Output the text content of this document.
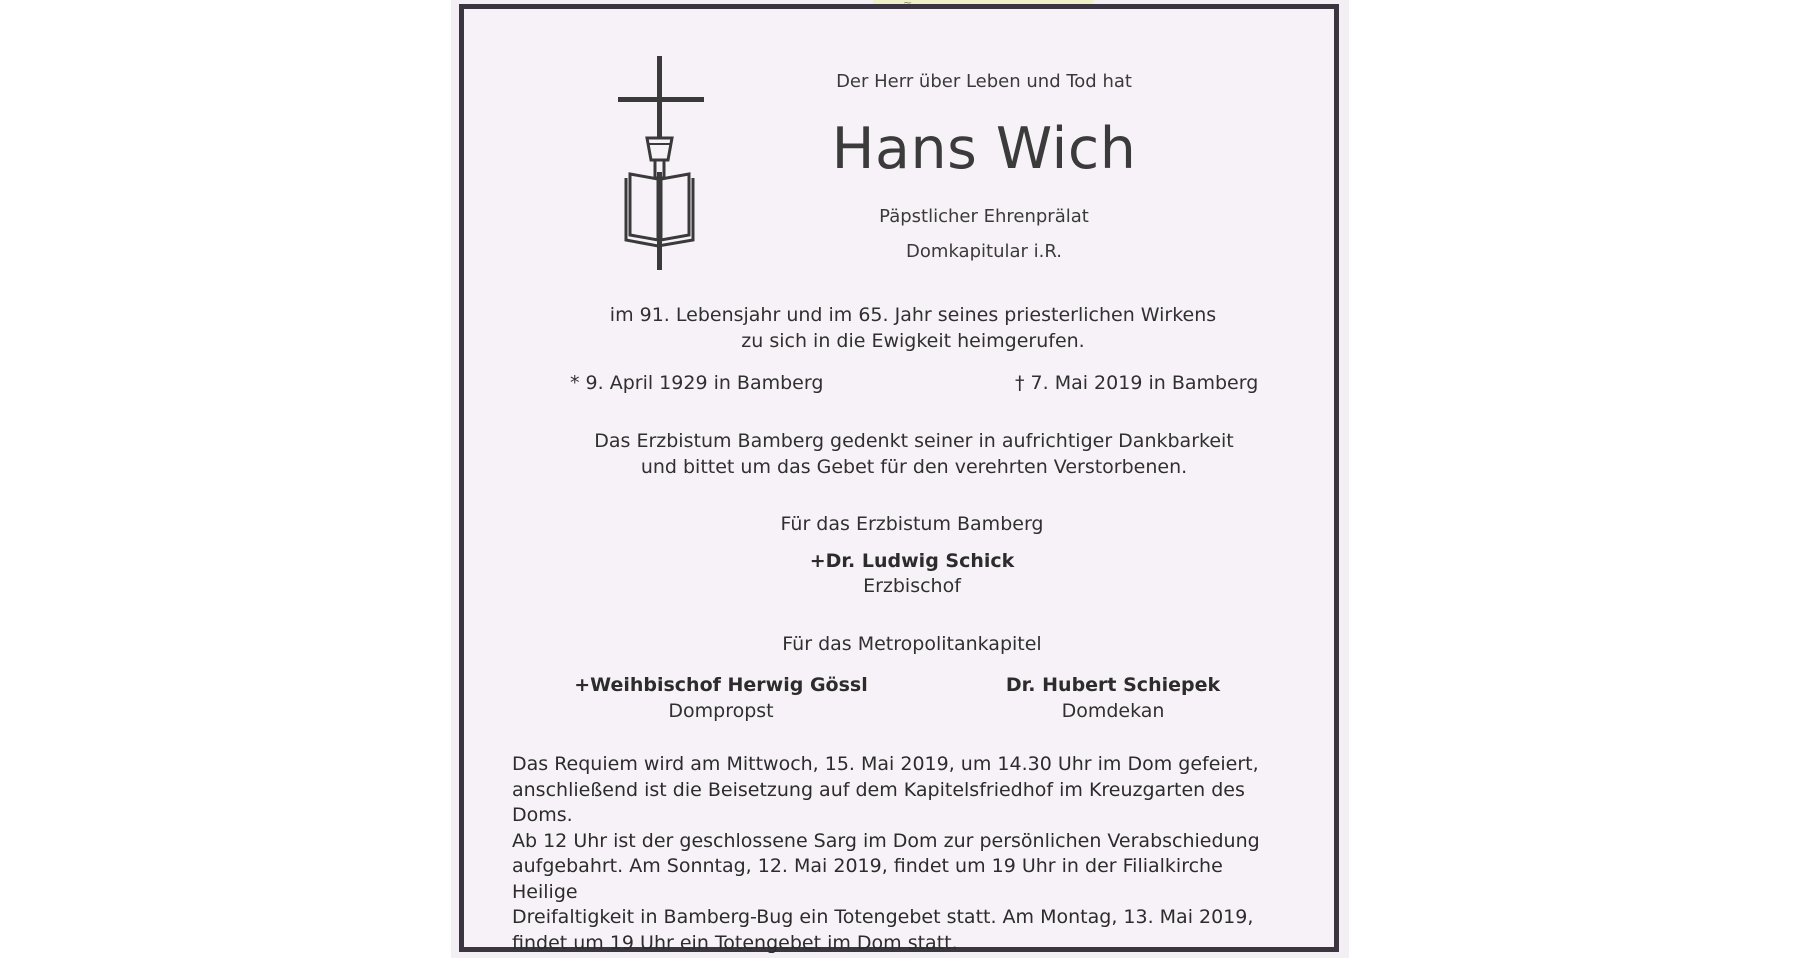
Der Herr über Leben und Tod hat
Hans Wich
Päpstlicher Ehrenprälat
Domkapitular i.R.
im 91. Lebensjahr und im 65. Jahr seines priesterlichen Wirkens
zu sich in die Ewigkeit heimgerufen.
* 9. April 1929 in Bamberg	† 7. Mai 2019 in Bamberg
Das Erzbistum Bamberg gedenkt seiner in aufrichtiger Dankbarkeit
und bittet um das Gebet für den verehrten Verstorbenen.
Für das Erzbistum Bamberg
+Dr. Ludwig Schick
Erzbischof
Für das Metropolitankapitel
+Weihbischof Herwig Gössl
Dompropst
Dr. Hubert Schiepek
Domdekan
Das Requiem wird am Mittwoch, 15. Mai 2019, um 14.30 Uhr im Dom gefeiert,
anschließend ist die Beisetzung auf dem Kapitelsfriedhof im Kreuzgarten des Doms.
Ab 12 Uhr ist der geschlossene Sarg im Dom zur persönlichen Verabschiedung
aufgebahrt. Am Sonntag, 12. Mai 2019, findet um 19 Uhr in der Filialkirche Heilige
Dreifaltigkeit in Bamberg-Bug ein Totengebet statt. Am Montag, 13. Mai 2019,
findet um 19 Uhr ein Totengebet im Dom statt.
